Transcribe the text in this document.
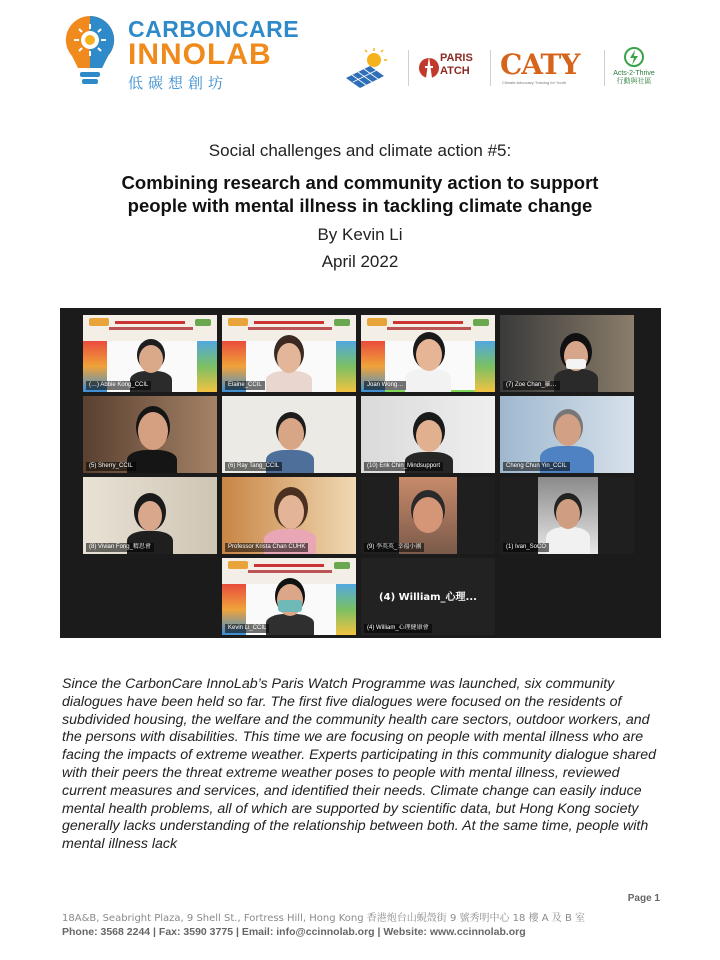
CARBONCARE
INNOLAB
低碳想創坊
PARIS
ATCH CATY
Climate Advocacy Training for Youth
Acts-2-Thrive
行動與社區
Social challenges and climate action #5:
Combining research and community action to support
people with mental illness in tackling climate change
By Kevin Li
April 2022
(…) Abbie Kong_CCIL	Elaine_CCIL	Joan Wong…	(7) Zoe Chan_羅…
(5) Sherry_CCIL	(6) Ray Tang_CCIL	(10) Erik Chin_Mindsupport	Cheng Chun Yin_CCIL
(8) Vivian Fong_精思會	Professor Krista Chan CUHK	(9) 李英英_幸福小團	(1) Ivan_SoCO
Kevin Li_CCIL
(4) William_心理...
(4) William_心理健康會
Since the CarbonCare InnoLab’s Paris Watch Programme was launched, six community dialogues have been held so far. The first five dialogues were focused on the residents of subdivided housing, the welfare and the community health care sectors, outdoor workers, and the persons with disabilities. This time we are focusing on people with mental illness who are facing the impacts of extreme weather. Experts participating in this community dialogue shared with their peers the threat extreme weather poses to people with mental illness, reviewed current measures and services, and identified their needs. Climate change can easily induce mental health problems, all of which are supported by scientific data, but Hong Kong society generally lacks understanding of the relationship between both. At the same time, people with mental illness lack
Page 1
18A&B, Seabright Plaza, 9 Shell St., Fortress Hill, Hong Kong 香港炮台山蜆殼街 9 號秀明中心 18 樓 A 及 B 室
Phone: 3568 2244 | Fax: 3590 3775 | Email: info@ccinnolab.org | Website: www.ccinnolab.org
